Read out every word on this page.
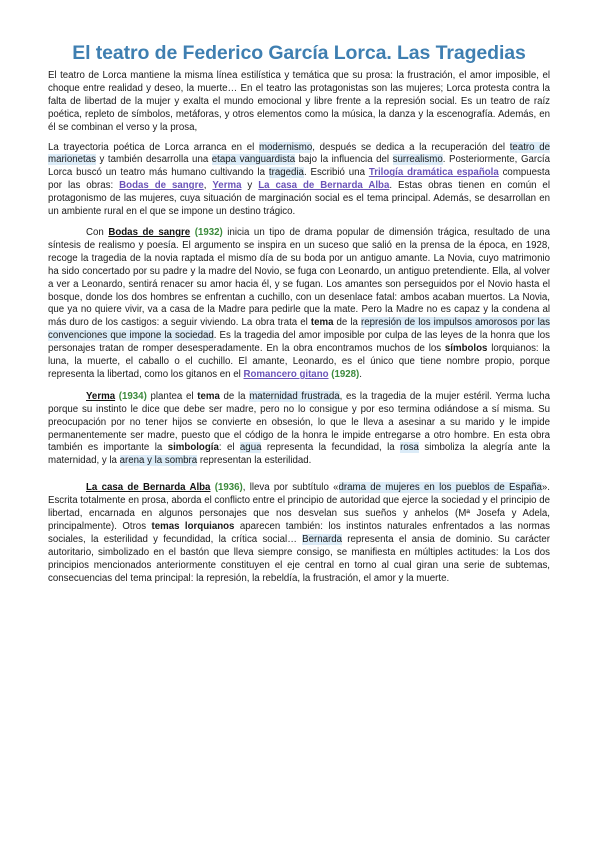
El teatro de Federico García Lorca. Las Tragedias

El teatro de Lorca mantiene la misma línea estilística y temática que su prosa: la frustración, el amor imposible, el choque entre realidad y deseo, la muerte… En el teatro las protagonistas son las mujeres; Lorca protesta contra la falta de libertad de la mujer y exalta el mundo emocional y libre frente a la represión social. Es un teatro de raíz poética, repleto de símbolos, metáforas, y otros elementos como la música, la danza y la escenografía. Además, en él se combinan el verso y la prosa,

La trayectoria poética de Lorca arranca en el modernismo, después se dedica a la recuperación del teatro de marionetas y también desarrolla una etapa vanguardista bajo la influencia del surrealismo. Posteriormente, García Lorca buscó un teatro más humano cultivando la tragedia. Escribió una Trilogía dramática española compuesta por las obras: Bodas de sangre, Yerma y La casa de Bernarda Alba. Estas obras tienen en común el protagonismo de las mujeres, cuya situación de marginación social es el tema principal. Además, se desarrollan en un ambiente rural en el que se impone un destino trágico.

Con Bodas de sangre (1932) inicia un tipo de drama popular de dimensión trágica, resultado de una síntesis de realismo y poesía. El argumento se inspira en un suceso que salió en la prensa de la época, en 1928, recoge la tragedia de la novia raptada el mismo día de su boda por un antiguo amante. La Novia, cuyo matrimonio ha sido concertado por su padre y la madre del Novio, se fuga con Leonardo, un antiguo pretendiente. Ella, al volver a ver a Leonardo, sentirá renacer su amor hacia él, y se fugan. Los amantes son perseguidos por el Novio hasta el bosque, donde los dos hombres se enfrentan a cuchillo, con un desenlace fatal: ambos acaban muertos. La Novia, que ya no quiere vivir, va a casa de la Madre para pedirle que la mate. Pero la Madre no es capaz y la condena al más duro de los castigos: a seguir viviendo. La obra trata el tema de la represión de los impulsos amorosos por las convenciones que impone la sociedad. Es la tragedia del amor imposible por culpa de las leyes de la honra que los personajes tratan de romper desesperadamente. En la obra encontramos muchos de los símbolos lorquianos: la luna, la muerte, el caballo o el cuchillo. El amante, Leonardo, es el único que tiene nombre propio, porque representa la libertad, como los gitanos en el Romancero gitano (1928).

Yerma (1934) plantea el tema de la maternidad frustrada, es la tragedia de la mujer estéril. Yerma lucha porque su instinto le dice que debe ser madre, pero no lo consigue y por eso termina odiándose a sí misma. Su preocupación por no tener hijos se convierte en obsesión, lo que le lleva a asesinar a su marido y le impide permanentemente ser madre, puesto que el código de la honra le impide entregarse a otro hombre. En esta obra también es importante la simbología: el agua representa la fecundidad, la rosa simboliza la alegría ante la maternidad, y la arena y la sombra representan la esterilidad.

La casa de Bernarda Alba (1936), lleva por subtítulo «drama de mujeres en los pueblos de España». Escrita totalmente en prosa, aborda el conflicto entre el principio de autoridad que ejerce la sociedad y el principio de libertad, encarnada en algunos personajes que nos desvelan sus sueños y anhelos (Mª Josefa y Adela, principalmente). Otros temas lorquianos aparecen también: los instintos naturales enfrentados a las normas sociales, la esterilidad y fecundidad, la crítica social… Bernarda representa el ansia de dominio. Su carácter autoritario, simbolizado en el bastón que lleva siempre consigo, se manifiesta en múltiples actitudes: la Los dos principios mencionados anteriormente constituyen el eje central en torno al cual giran una serie de subtemas, consecuencias del tema principal: la represión, la rebeldía, la frustración, el amor y la muerte.
